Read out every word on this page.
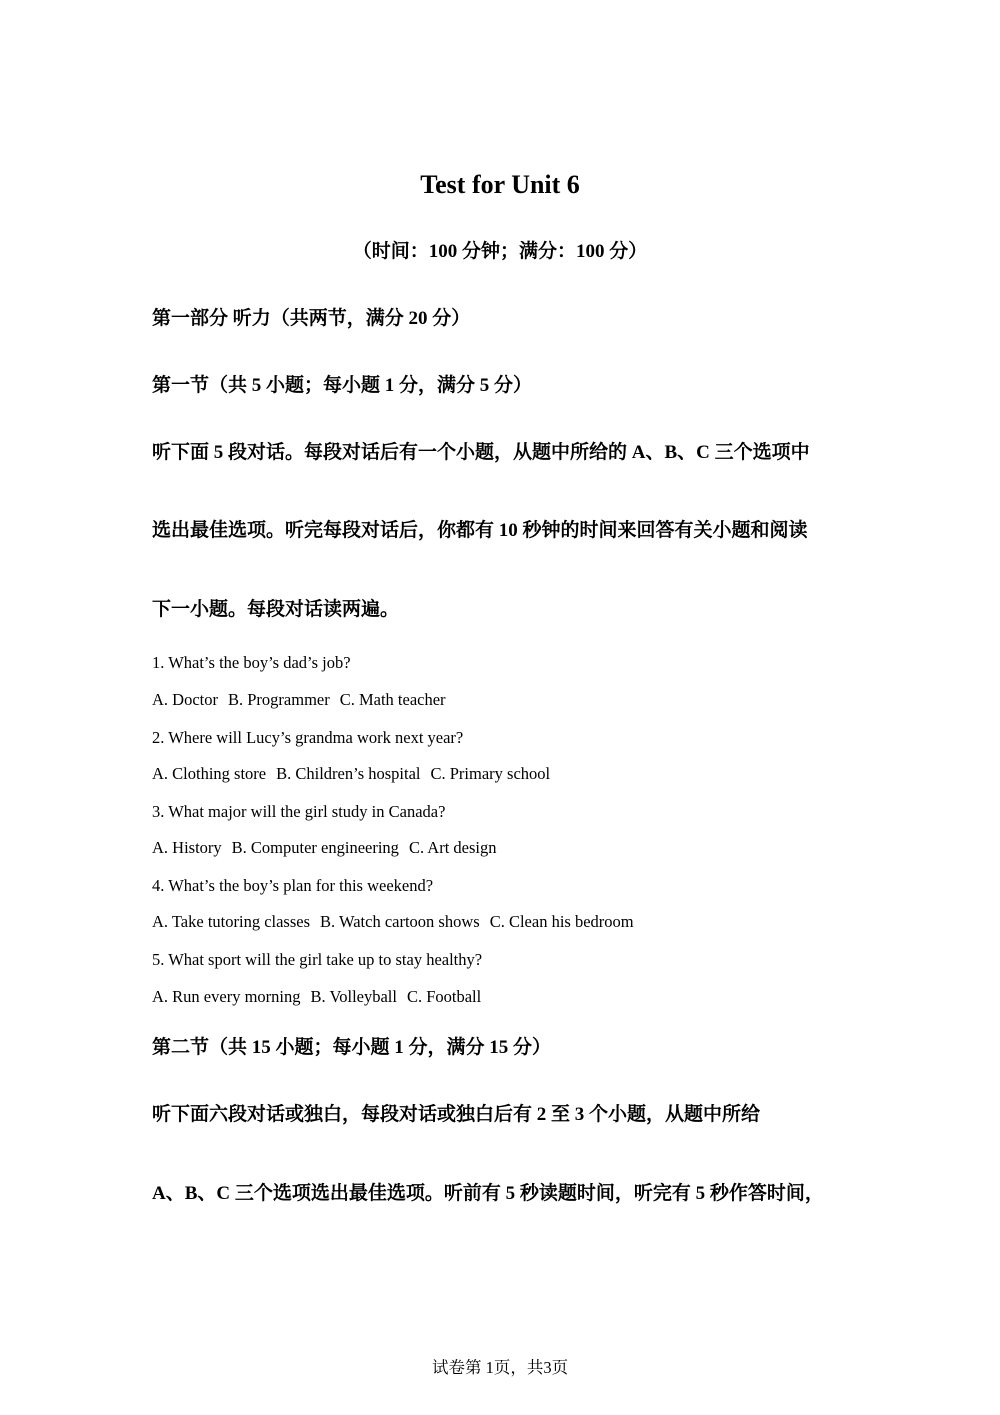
Test for Unit 6
（时间：100 分钟；满分：100 分）
第一部分 听力（共两节，满分 20 分）
第一节（共 5 小题；每小题 1 分，满分 5 分）
听下面 5 段对话。每段对话后有一个小题，从题中所给的 A、B、C 三个选项中
选出最佳选项。听完每段对话后，你都有 10 秒钟的时间来回答有关小题和阅读
下一小题。每段对话读两遍。
1. What’s the boy’s dad’s job?
A. Doctor B. Programmer C. Math teacher
2. Where will Lucy’s grandma work next year?
A. Clothing store B. Children’s hospital C. Primary school
3. What major will the girl study in Canada?
A. History B. Computer engineering C. Art design
4. What’s the boy’s plan for this weekend?
A. Take tutoring classes B. Watch cartoon shows C. Clean his bedroom
5. What sport will the girl take up to stay healthy?
A. Run every morning B. Volleyball C. Football
第二节（共 15 小题；每小题 1 分，满分 15 分）
听下面六段对话或独白，每段对话或独白后有 2 至 3 个小题，从题中所给
A、B、C 三个选项选出最佳选项。听前有 5 秒读题时间，听完有 5 秒作答时间，
试卷第 1页，共3页
